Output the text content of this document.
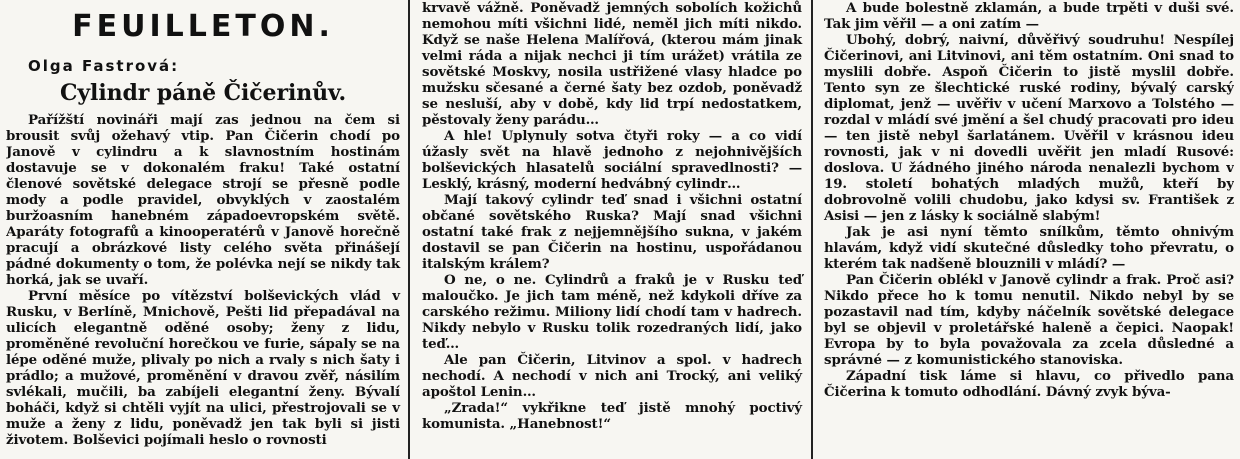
FEUILLETON.
Olga Fastrová:
Cylindr páně Čičerinův.

Pařížští novináři mají zas jednou na čem si brousit svůj ožehavý vtip. Pan Čičerin chodí po Janově v cylindru a k slavnostním hostinám dostavuje se v dokonalém fraku! Také ostatní členové sovětské delegace strojí se přesně podle mody a podle pravidel, obvyklých v zaostalém buržoasním hanebném západoevropském světě. Aparáty fotografů a kinooperatérů v Janově horečně pracují a obrázkové listy celého světa přinášejí pádné dokumenty o tom, že polévka nejí se nikdy tak horká, jak se uvaří.

První měsíce po vítězství bolševických vlád v Rusku, v Berlíně, Mnichově, Pešti lid přepadával na ulicích elegantně oděné osoby; ženy z lidu, proměněné revoluční horečkou ve furie, sápaly se na lépe oděné muže, plivaly po nich a rvaly s nich šaty i prádlo; a mužové, proměnění v dravou zvěř, násilím svlékali, mučili, ba zabíjeli elegantní ženy. Bývalí boháči, když si chtěli vyjít na ulici, přestrojovali se v muže a ženy z lidu, poněvadž jen tak byli si jisti životem. Bolševici pojímali heslo o rovnosti

krvavě vážně. Poněvadž jemných sobolích kožichů nemohou míti všichni lidé, neměl jich míti nikdo. Když se naše Helena Malířová, (kterou mám jinak velmi ráda a nijak nechci ji tím urážet) vrátila ze sovětské Moskvy, nosila ustřižené vlasy hladce po mužsku sčesané a černé šaty bez ozdob, poněvadž se nesluší, aby v době, kdy lid trpí nedostatkem, pěstovaly ženy parádu…

A hle! Uplynuly sotva čtyři roky — a co vidí úžasly svět na hlavě jednoho z nejohnivějších bolševických hlasatelů sociální spravedlnosti? — Lesklý, krásný, moderní hedvábný cylindr…

Mají takový cylindr teď snad i všichni ostatní občané sovětského Ruska? Mají snad všichni ostatní také frak z nejjemnějšího sukna, v jakém dostavil se pan Čičerin na hostinu, uspořádanou italským králem?

O ne, o ne. Cylindrů a fraků je v Rusku teď maloučko. Je jich tam méně, než kdykoli dříve za carského režimu. Miliony lidí chodí tam v hadrech. Nikdy nebylo v Rusku tolik rozedraných lidí, jako teď…

Ale pan Čičerin, Litvinov a spol. v hadrech nechodí. A nechodí v nich ani Trocký, ani veliký apoštol Lenin…

„Zrada!“ vykřikne teď jistě mnohý poctivý komunista. „Hanebnost!“

A bude bolestně zklamán, a bude trpěti v duši své. Tak jim věřil — a oni zatím —

Ubohý, dobrý, naivní, důvěřivý soudruhu! Nespílej Čičerinovi, ani Litvinovi, ani těm ostatním. Oni snad to myslili dobře. Aspoň Čičerin to jistě myslil dobře. Tento syn ze šlechtické ruské rodiny, bývalý carský diplomat, jenž — uvěřiv v učení Marxovo a Tolstého — rozdal v mládí své jmění a šel chudý pracovati pro ideu — ten jistě nebyl šarlatánem. Uvěřil v krásnou ideu rovnosti, jak v ni dovedli uvěřit jen mladí Rusové: doslova. U žádného jiného národa nenalezli bychom v 19. století bohatých mladých mužů, kteří by dobrovolně volili chudobu, jako kdysi sv. František z Asisi — jen z lásky k sociálně slabým!

Jak je asi nyní těmto snílkům, těmto ohnivým hlavám, když vidí skutečné důsledky toho převratu, o kterém tak nadšeně blouznili v mládí? —

Pan Čičerin oblékl v Janově cylindr a frak. Proč asi? Nikdo přece ho k tomu nenutil. Nikdo nebyl by se pozastavil nad tím, kdyby náčelník sovětské delegace byl se objevil v proletářské haleně a čepici. Naopak! Evropa by to byla považovala za zcela důsledné a správné — z komunistického stanoviska.

Západní tisk láme si hlavu, co přivedlo pana Čičerina k tomuto odhodlání. Dávný zvyk býva-
